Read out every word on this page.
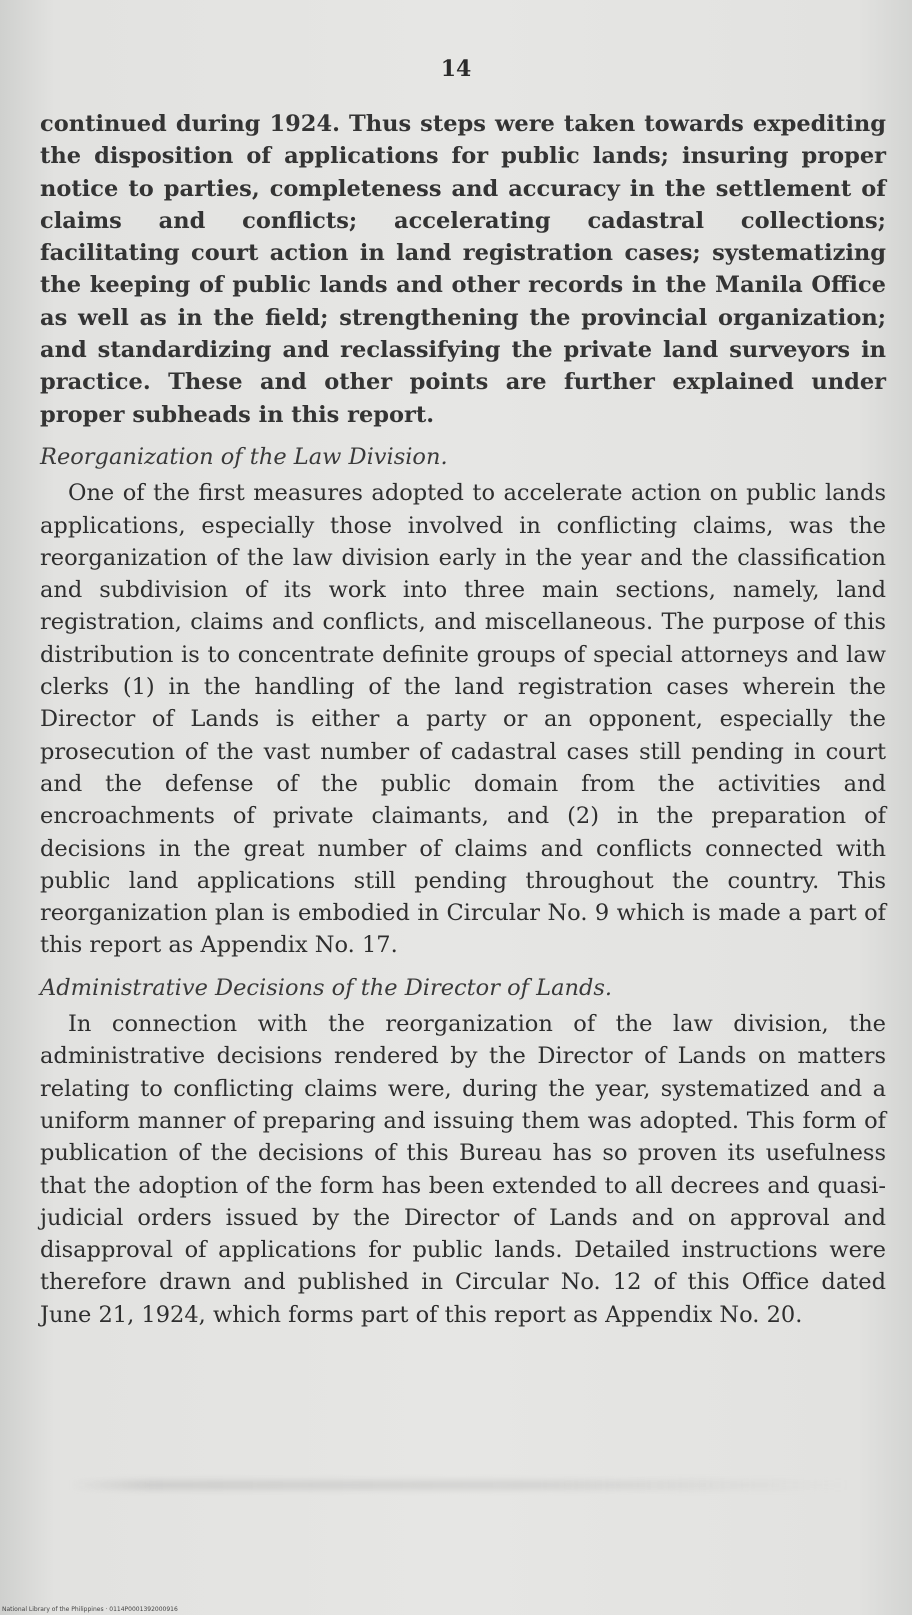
14

continued during 1924. Thus steps were taken towards expediting the disposition of applications for public lands; insuring proper notice to parties, completeness and accuracy in the settlement of claims and conflicts; accelerating cadastral collections; facilitating court action in land registration cases; systematizing the keeping of public lands and other records in the Manila Office as well as in the field; strengthening the provincial organization; and standardizing and reclassifying the private land surveyors in practice. These and other points are further explained under proper subheads in this report.

Reorganization of the Law Division.

One of the first measures adopted to accelerate action on public lands applications, especially those involved in conflicting claims, was the reorganization of the law division early in the year and the classification and subdivision of its work into three main sections, namely, land registration, claims and conflicts, and miscellaneous. The purpose of this distribution is to concentrate definite groups of special attorneys and law clerks (1) in the handling of the land registration cases wherein the Director of Lands is either a party or an opponent, especially the prosecution of the vast number of cadastral cases still pending in court and the defense of the public domain from the activities and encroachments of private claimants, and (2) in the preparation of decisions in the great number of claims and conflicts connected with public land applications still pending throughout the country. This reorganization plan is embodied in Circular No. 9 which is made a part of this report as Appendix No. 17.

Administrative Decisions of the Director of Lands.

In connection with the reorganization of the law division, the administrative decisions rendered by the Director of Lands on matters relating to conflicting claims were, during the year, systematized and a uniform manner of preparing and issuing them was adopted. This form of publication of the decisions of this Bureau has so proven its usefulness that the adoption of the form has been extended to all decrees and quasi-judicial orders issued by the Director of Lands and on approval and disapproval of applications for public lands. Detailed instructions were therefore drawn and published in Circular No. 12 of this Office dated June 21, 1924, which forms part of this report as Appendix No. 20.

National Library of the Philippines · 0114P0001392000916
